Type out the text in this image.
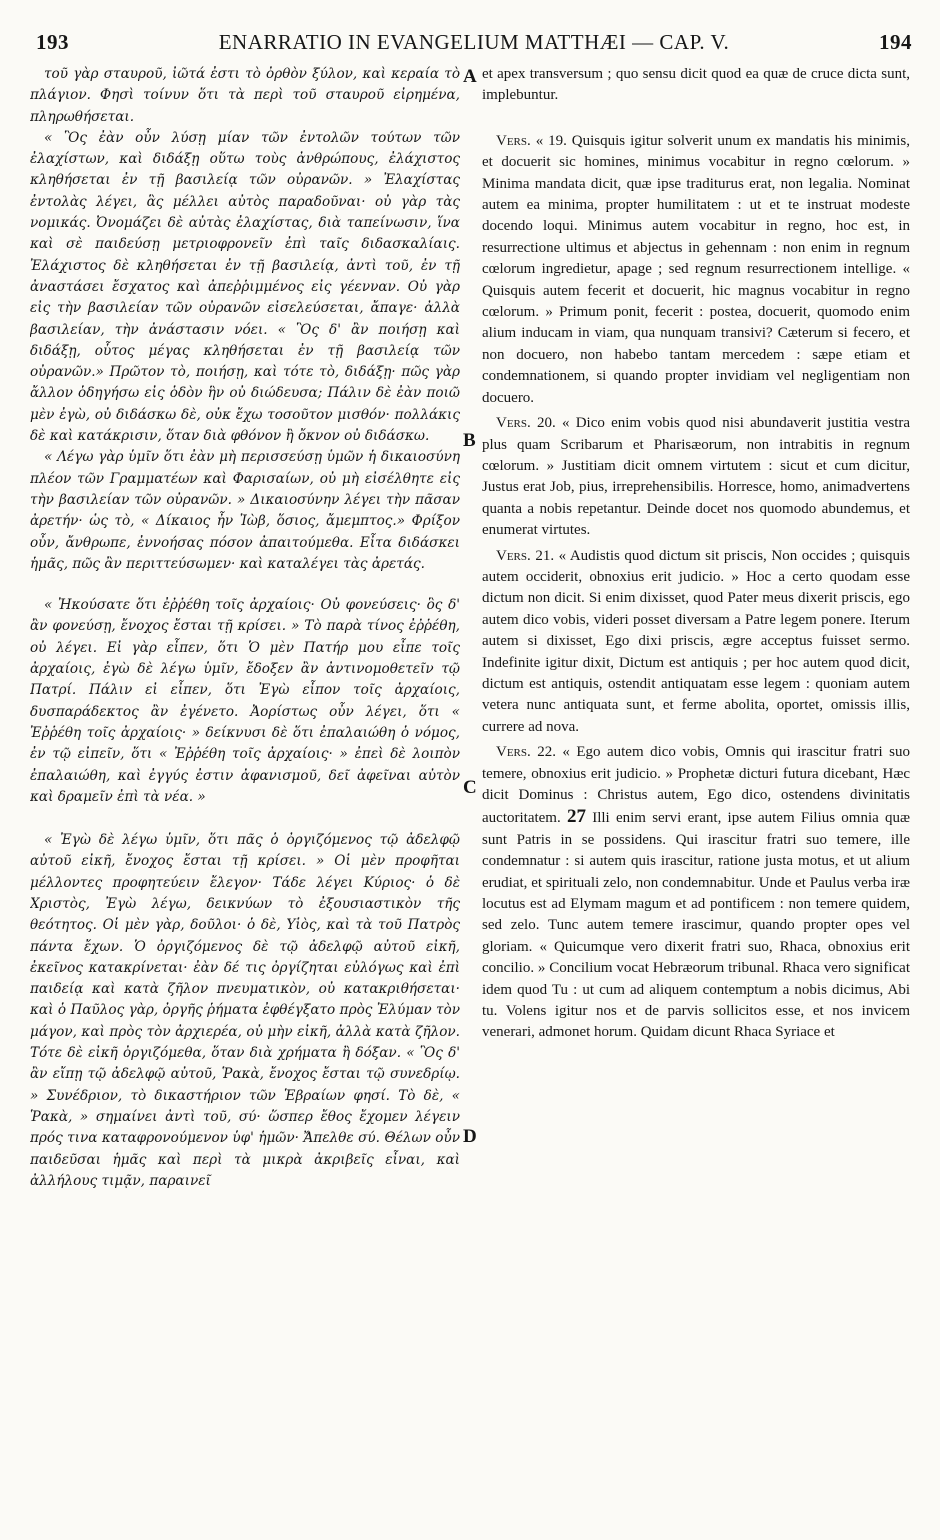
193	ENARRATIO IN EVANGELIUM MATTHÆI — CAP. V.	194

τοῦ γὰρ σταυροῦ, ἰῶτά ἐστι τὸ ὀρθὸν ξύλον, καὶ κεραία τὸ πλάγιον. Φησὶ τοίνυν ὅτι τὰ περὶ τοῦ σταυροῦ εἰρημένα, πληρωθήσεται.

« Ὃς ἐὰν οὖν λύσῃ μίαν τῶν ἐντολῶν τούτων τῶν ἐλαχίστων, καὶ διδάξῃ οὕτω τοὺς ἀνθρώπους, ἐλάχιστος κληθήσεται ἐν τῇ βασιλείᾳ τῶν οὐρανῶν. » Ἐλαχίστας ἐντολὰς λέγει, ἃς μέλλει αὐτὸς παραδοῦναι· οὐ γὰρ τὰς νομικάς. Ὀνομάζει δὲ αὐτὰς ἐλαχίστας, διὰ ταπείνωσιν, ἵνα καὶ σὲ παιδεύσῃ μετριοφρονεῖν ἐπὶ ταῖς διδασκαλίαις. Ἐλάχιστος δὲ κληθήσεται ἐν τῇ βασιλείᾳ, ἀντὶ τοῦ, ἐν τῇ ἀναστάσει ἔσχατος καὶ ἀπεῤῥιμμένος εἰς γέενναν. Οὐ γὰρ εἰς τὴν βασιλείαν τῶν οὐρανῶν εἰσελεύσεται, ἄπαγε· ἀλλὰ βασιλείαν, τὴν ἀνάστασιν νόει. « Ὃς δ' ἂν ποιήσῃ καὶ διδάξῃ, οὗτος μέγας κληθήσεται ἐν τῇ βασιλείᾳ τῶν οὐρανῶν.» Πρῶτον τὸ, ποιήσῃ, καὶ τότε τὸ, διδάξῃ· πῶς γὰρ ἄλλον ὁδηγήσω εἰς ὁδὸν ἣν οὐ διώδευσα; Πάλιν δὲ ἐὰν ποιῶ μὲν ἐγὼ, οὐ διδάσκω δὲ, οὐκ ἔχω τοσοῦτον μισθόν· πολλάκις δὲ καὶ κατάκρισιν, ὅταν διὰ φθόνον ἢ ὄκνον οὐ διδάσκω.

« Λέγω γὰρ ὑμῖν ὅτι ἐὰν μὴ περισσεύσῃ ὑμῶν ἡ δικαιοσύνη πλέον τῶν Γραμματέων καὶ Φαρισαίων, οὐ μὴ εἰσέλθητε εἰς τὴν βασιλείαν τῶν οὐρανῶν. » Δικαιοσύνην λέγει τὴν πᾶσαν ἀρετήν· ὡς τὸ, « Δίκαιος ἦν Ἰὼβ, ὅσιος, ἄμεμπτος.» Φρίξον οὖν, ἄνθρωπε, ἐννοήσας πόσον ἀπαιτούμεθα. Εἶτα διδάσκει ἡμᾶς, πῶς ἂν περιττεύσωμεν· καὶ καταλέγει τὰς ἀρετάς.

« Ἠκούσατε ὅτι ἐῤῥέθη τοῖς ἀρχαίοις· Οὐ φονεύσεις· ὃς δ' ἂν φονεύσῃ, ἔνοχος ἔσται τῇ κρίσει. » Τὸ παρὰ τίνος ἐῤῥέθη, οὐ λέγει. Εἰ γὰρ εἶπεν, ὅτι Ὁ μὲν Πατήρ μου εἶπε τοῖς ἀρχαίοις, ἐγὼ δὲ λέγω ὑμῖν, ἔδοξεν ἂν ἀντινομοθετεῖν τῷ Πατρί. Πάλιν εἰ εἶπεν, ὅτι Ἐγὼ εἶπον τοῖς ἀρχαίοις, δυσπαράδεκτος ἂν ἐγένετο. Ἀορίστως οὖν λέγει, ὅτι « Ἐῤῥέθη τοῖς ἀρχαίοις· » δείκνυσι δὲ ὅτι ἐπαλαιώθη ὁ νόμος, ἐν τῷ εἰπεῖν, ὅτι « Ἐῤῥέθη τοῖς ἀρχαίοις· » ἐπεὶ δὲ λοιπὸν ἐπαλαιώθη, καὶ ἐγγύς ἐστιν ἀφανισμοῦ, δεῖ ἀφεῖναι αὐτὸν καὶ δραμεῖν ἐπὶ τὰ νέα. »

« Ἐγὼ δὲ λέγω ὑμῖν, ὅτι πᾶς ὁ ὀργιζόμενος τῷ ἀδελφῷ αὐτοῦ εἰκῆ, ἔνοχος ἔσται τῇ κρίσει. » Οἱ μὲν προφῆται μέλλοντες προφητεύειν ἔλεγον· Τάδε λέγει Κύριος· ὁ δὲ Χριστὸς, Ἐγὼ λέγω, δεικνύων τὸ ἐξουσιαστικὸν τῆς θεότητος. Οἱ μὲν γὰρ, δοῦλοι· ὁ δὲ, Υἱὸς, καὶ τὰ τοῦ Πατρὸς πάντα ἔχων. Ὁ ὀργιζόμενος δὲ τῷ ἀδελφῷ αὐτοῦ εἰκῆ, ἐκεῖνος κατακρίνεται· ἐὰν δέ τις ὀργίζηται εὐλόγως καὶ ἐπὶ παιδείᾳ καὶ κατὰ ζῆλον πνευματικὸν, οὐ κατακριθήσεται· καὶ ὁ Παῦλος γὰρ, ὀργῆς ῥήματα ἐφθέγξατο πρὸς Ἐλύμαν τὸν μάγον, καὶ πρὸς τὸν ἀρχιερέα, οὐ μὴν εἰκῆ, ἀλλὰ κατὰ ζῆλον. Τότε δὲ εἰκῆ ὀργιζόμεθα, ὅταν διὰ χρήματα ἢ δόξαν. « Ὃς δ' ἂν εἴπῃ τῷ ἀδελφῷ αὐτοῦ, Ῥακὰ, ἔνοχος ἔσται τῷ συνεδρίῳ. » Συνέδριον, τὸ δικαστήριον τῶν Ἑβραίων φησί. Τὸ δὲ, « Ῥακὰ, » σημαίνει ἀντὶ τοῦ, σύ· ὥσπερ ἔθος ἔχομεν λέγειν πρός τινα καταφρονούμενον ὑφ' ἡμῶν· Ἄπελθε σύ. Θέλων οὖν παιδεῦσαι ἡμᾶς καὶ περὶ τὰ μικρὰ ἀκριβεῖς εἶναι, καὶ ἀλλήλους τιμᾷν, παραινεῖ

A
B
C
D

et apex transversum ; quo sensu dicit quod ea quæ de cruce dicta sunt, implebuntur.

Vers. « 19. Quisquis igitur solverit unum ex mandatis his minimis, et docuerit sic homines, minimus vocabitur in regno cœlorum. » Minima mandata dicit, quæ ipse traditurus erat, non legalia. Nominat autem ea minima, propter humilitatem : ut et te instruat modeste docendo loqui. Minimus autem vocabitur in regno, hoc est, in resurrectione ultimus et abjectus in gehennam : non enim in regnum cœlorum ingredietur, apage ; sed regnum resurrectionem intellige. « Quisquis autem fecerit et docuerit, hic magnus vocabitur in regno cœlorum. » Primum ponit, fecerit : postea, docuerit, quomodo enim alium inducam in viam, qua nunquam transivi? Cæterum si fecero, et non docuero, non habebo tantam mercedem : sæpe etiam et condemnationem, si quando propter invidiam vel negligentiam non docuero.

Vers. 20. « Dico enim vobis quod nisi abundaverit justitia vestra plus quam Scribarum et Pharisæorum, non intrabitis in regnum cœlorum. » Justitiam dicit omnem virtutem : sicut et cum dicitur, Justus erat Job, pius, irreprehensibilis. Horresce, homo, animadvertens quanta a nobis repetantur. Deinde docet nos quomodo abundemus, et enumerat virtutes.

Vers. 21. « Audistis quod dictum sit priscis, Non occides ; quisquis autem occiderit, obnoxius erit judicio. » Hoc a certo quodam esse dictum non dicit. Si enim dixisset, quod Pater meus dixerit priscis, ego autem dico vobis, videri posset diversam a Patre legem ponere. Iterum autem si dixisset, Ego dixi priscis, ægre acceptus fuisset sermo. Indefinite igitur dixit, Dictum est antiquis ; per hoc autem quod dicit, dictum est antiquis, ostendit antiquatam esse legem : quoniam autem vetera nunc antiquata sunt, et ferme abolita, oportet, omissis illis, currere ad nova.

Vers. 22. « Ego autem dico vobis, Omnis qui irascitur fratri suo temere, obnoxius erit judicio. » Prophetæ dicturi futura dicebant, Hæc dicit Dominus : Christus autem, Ego dico, ostendens divinitatis auctoritatem. 27 Illi enim servi erant, ipse autem Filius omnia quæ sunt Patris in se possidens. Qui irascitur fratri suo temere, ille condemnatur : si autem quis irascitur, ratione justa motus, et ut alium erudiat, et spirituali zelo, non condemnabitur. Unde et Paulus verba iræ locutus est ad Elymam magum et ad pontificem : non temere quidem, sed zelo. Tunc autem temere irascimur, quando propter opes vel gloriam. « Quicumque vero dixerit fratri suo, Rhaca, obnoxius erit concilio. » Concilium vocat Hebræorum tribunal. Rhaca vero significat idem quod Tu : ut cum ad aliquem contemptum a nobis dicimus, Abi tu. Volens igitur nos et de parvis sollicitos esse, et nos invicem venerari, admonet horum. Quidam dicunt Rhaca Syriace et
